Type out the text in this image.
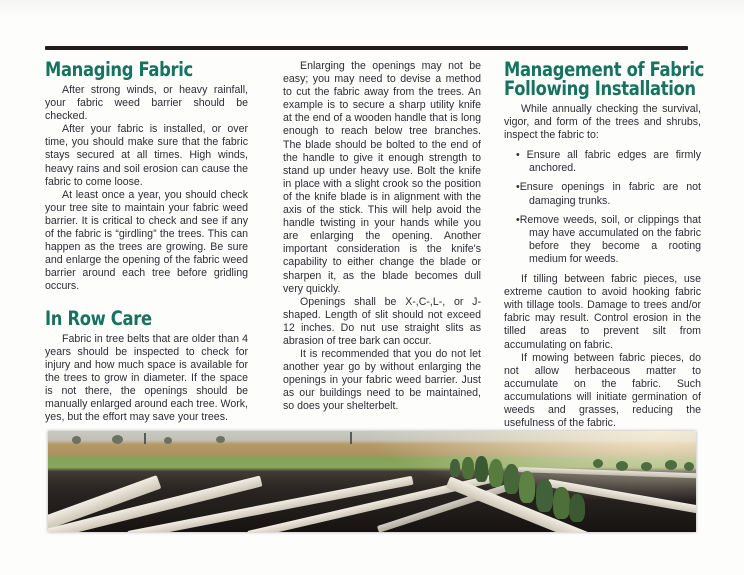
Managing Fabric

After strong winds, or heavy rainfall, your fabric weed barrier should be checked.

After your fabric is installed, or over time, you should make sure that the fabric stays secured at all times. High winds, heavy rains and soil erosion can cause the fabric to come loose.

At least once a year, you should check your tree site to maintain your fabric weed barrier. It is critical to check and see if any of the fabric is “girdling” the trees. This can happen as the trees are growing. Be sure and enlarge the opening of the fabric weed barrier around each tree before gridling occurs.

In Row Care

Fabric in tree belts that are older than 4 years should be inspected to check for injury and how much space is available for the trees to grow in diameter. If the space is not there, the openings should be manually enlarged around each tree. Work, yes, but the effort may save your trees.

Enlarging the openings may not be easy; you may need to devise a method to cut the fabric away from the trees. An example is to secure a sharp utility knife at the end of a wooden handle that is long enough to reach below tree branches. The blade should be bolted to the end of the handle to give it enough strength to stand up under heavy use. Bolt the knife in place with a slight crook so the position of the knife blade is in alignment with the axis of the stick. This will help avoid the handle twisting in your hands while you are enlarging the opening. Another important consideration is the knife's capability to either change the blade or sharpen it, as the blade becomes dull very quickly.

Openings shall be X-,C-,L-, or J-shaped. Length of slit should not exceed 12 inches. Do nut use straight slits as abrasion of tree bark can occur.

It is recommended that you do not let another year go by without enlarging the openings in your fabric weed barrier. Just as our buildings need to be maintained, so does your shelterbelt.

Management of Fabric
Following Installation

While annually checking the survival, vigor, and form of the trees and shrubs, inspect the fabric to:

• Ensure all fabric edges are firmly anchored.
•Ensure openings in fabric are not damaging trunks.
•Remove weeds, soil, or clippings that may have accumulated on the fabric before they become a rooting medium for weeds.

If tilling between fabric pieces, use extreme caution to avoid hooking fabric with tillage tools. Damage to trees and/or fabric may result. Control erosion in the tilled areas to prevent silt from accumulating on fabric.

If mowing between fabric pieces, do not allow herbaceous matter to accumulate on the fabric. Such accumulations will initiate germination of weeds and grasses, reducing the usefulness of the fabric.
